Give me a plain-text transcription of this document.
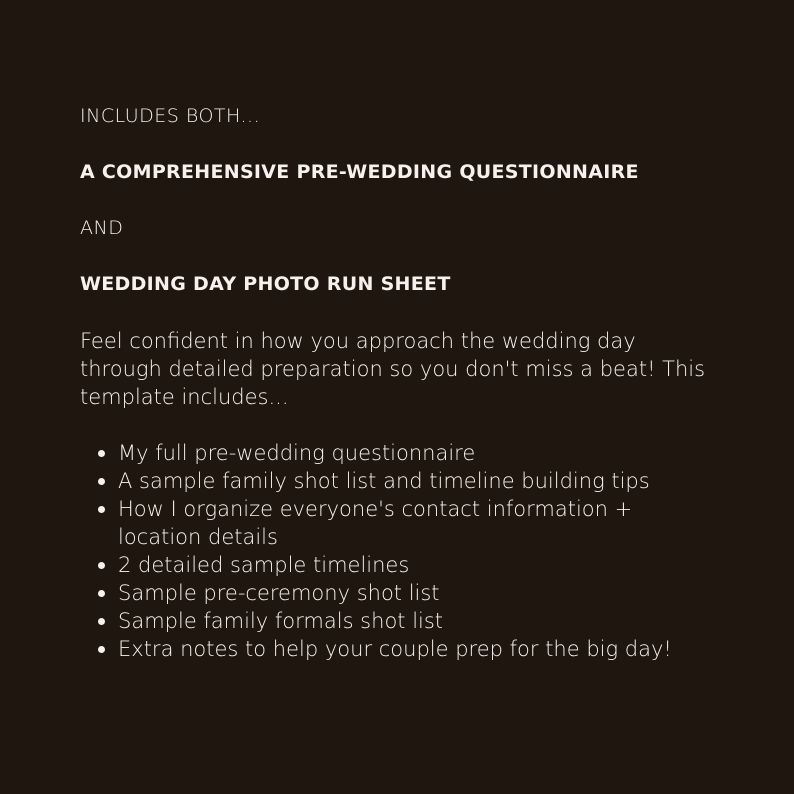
INCLUDES BOTH...

A COMPREHENSIVE PRE-WEDDING QUESTIONNAIRE

AND

WEDDING DAY PHOTO RUN SHEET

Feel confident in how you approach the wedding day through detailed preparation so you don't miss a beat! This template includes...

My full pre-wedding questionnaire
A sample family shot list and timeline building tips
How I organize everyone's contact information + location details
2 detailed sample timelines
Sample pre-ceremony shot list
Sample family formals shot list
Extra notes to help your couple prep for the big day!
